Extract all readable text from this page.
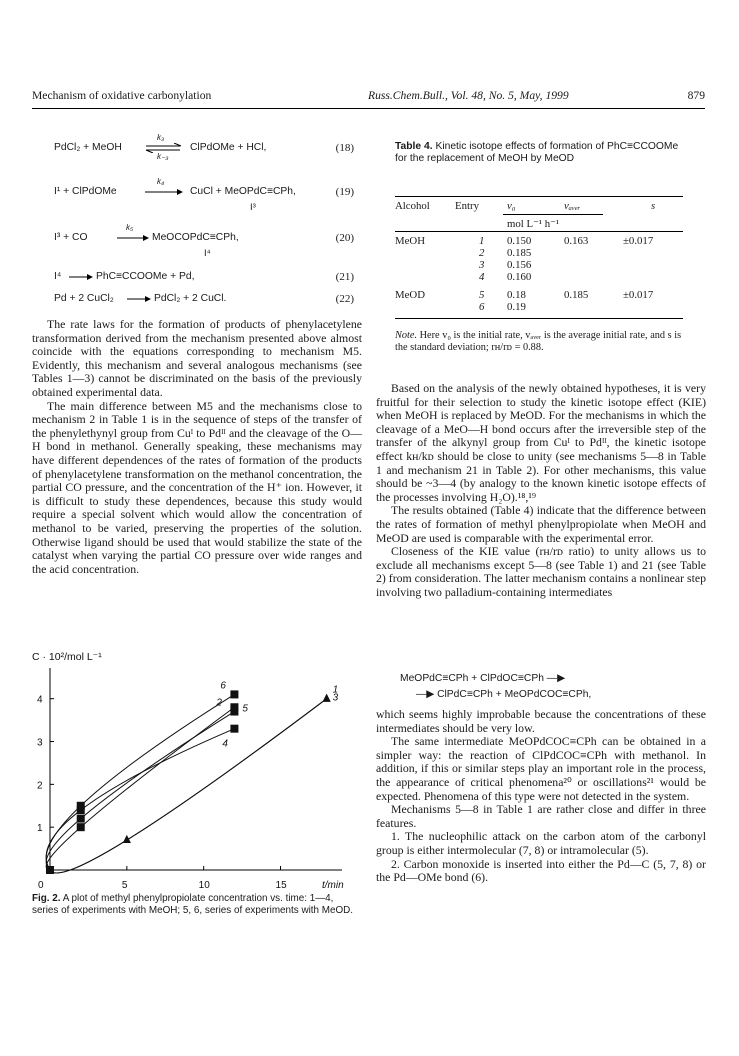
Mechanism of oxidative carbonylation	Russ.Chem.Bull., Vol. 48, No. 5, May, 1999	879
PdCl₂ + MeOH
k₃
k₋₃
ClPdOMe + HCl,	(18)
I¹ + ClPdOMe
k₄
→ CuCl + MeOPdC≡CPh,
I³
(19)
I³ + CO
k₅
→ MeOCOPdC≡CPh,
I⁴
(20)
I⁴ → PhC≡CCOOMe + Pd,	(21)
Pd + 2 CuCl₂ → PdCl₂ + 2 CuCl.	(22)

The rate laws for the formation of products of phenylacetylene transformation derived from the mechanism presented above almost coincide with the equations corresponding to mechanism M5. Evidently, this mechanism and several analogous mechanisms (see Tables 1—3) cannot be discriminated on the basis of the previously obtained experimental data.

The main difference between M5 and the mechanisms close to mechanism 2 in Table 1 is in the sequence of steps of the transfer of the phenylethynyl group from Cuᴵ to Pdᴵᴵ and the cleavage of the O—H bond in methanol. Generally speaking, these mechanisms may have different dependences of the rates of formation of the products of phenylacetylene transformation on the methanol concentration, the partial CO pressure, and the concentration of the H⁺ ion. However, it is difficult to study these dependences, because this study would require a special solvent which would allow the concentration of methanol to be varied, preserving the properties of the solution. Otherwise ligand should be used that would stabilize the state of the catalyst when varying the partial CO pressure over wide ranges and the acid concentration.

Table 4. Kinetic isotope effects of formation of PhC≡CCOOMe for the replacement of MeOH by MeOD
Alcohol Entry	v₀	vₐᵥₑᵣ	s
mol L⁻¹ h⁻¹
MeOH	1 0.150	0.163	±0.017
2 0.185
3 0.156
4 0.160
MeOD	5 0.18	0.185	±0.017
6 0.19
Note. Here v₀ is the initial rate, vₐᵥₑᵣ is the average initial rate, and s is the standard deviation; rʜ/rᴅ = 0.88.

Based on the analysis of the newly obtained hypotheses, it is very fruitful for their selection to study the kinetic isotope effect (KIE) when MeOH is replaced by MeOD. For the mechanisms in which the cleavage of a MeO—H bond occurs after the irreversible step of the transfer of the alkynyl group from Cuᴵ to Pdᴵᴵ, the kinetic isotope effect kʜ/kᴅ should be close to unity (see mechanisms 5—8 in Table 1 and mechanism 21 in Table 2). For other mechanisms, this value should be ~3—4 (by analogy to the known kinetic isotope effects of the processes involving H₂O).¹⁸,¹⁹

The results obtained (Table 4) indicate that the difference between the rates of formation of methyl phenylpropiolate when MeOH and MeOD are used is comparable with the experimental error.

Closeness of the KIE value (rʜ/rᴅ ratio) to unity allows us to exclude all mechanisms except 5—8 (see Table 1) and 21 (see Table 2) from consideration. The latter mechanism contains a nonlinear step involving two palladium-containing intermediates

MeOPdC≡CPh + ClPdOC≡CPh —▶
—▶ ClPdC≡CPh + MeOPdCOC≡CPh,

which seems highly improbable because the concentrations of these intermediates should be very low.

The same intermediate MeOPdCOC≡CPh can be obtained in a simpler way: the reaction of ClPdCOC≡CPh with methanol. In addition, if this or similar steps play an important role in the process, the appearance of critical phenomena²⁰ or oscillations²¹ would be expected. Phenomena of this type were not detected in the system.

Mechanisms 5—8 in Table 1 are rather close and differ in three features.

1. The nucleophilic attack on the carbon atom of the carbonyl group is either intermolecular (7, 8) or intramolecular (5).

2. Carbon monoxide is inserted into either the Pd—C (5, 7, 8) or the Pd—OMe bond (6).

C · 10²/mol L⁻¹
t/min
0	5	10	15
1
2
3
4
1
2	3
4
5
6
Fig. 2. A plot of methyl phenylpropiolate concentration vs. time: 1—4, series of experiments with MeOH; 5, 6, series of experiments with MeOD.
